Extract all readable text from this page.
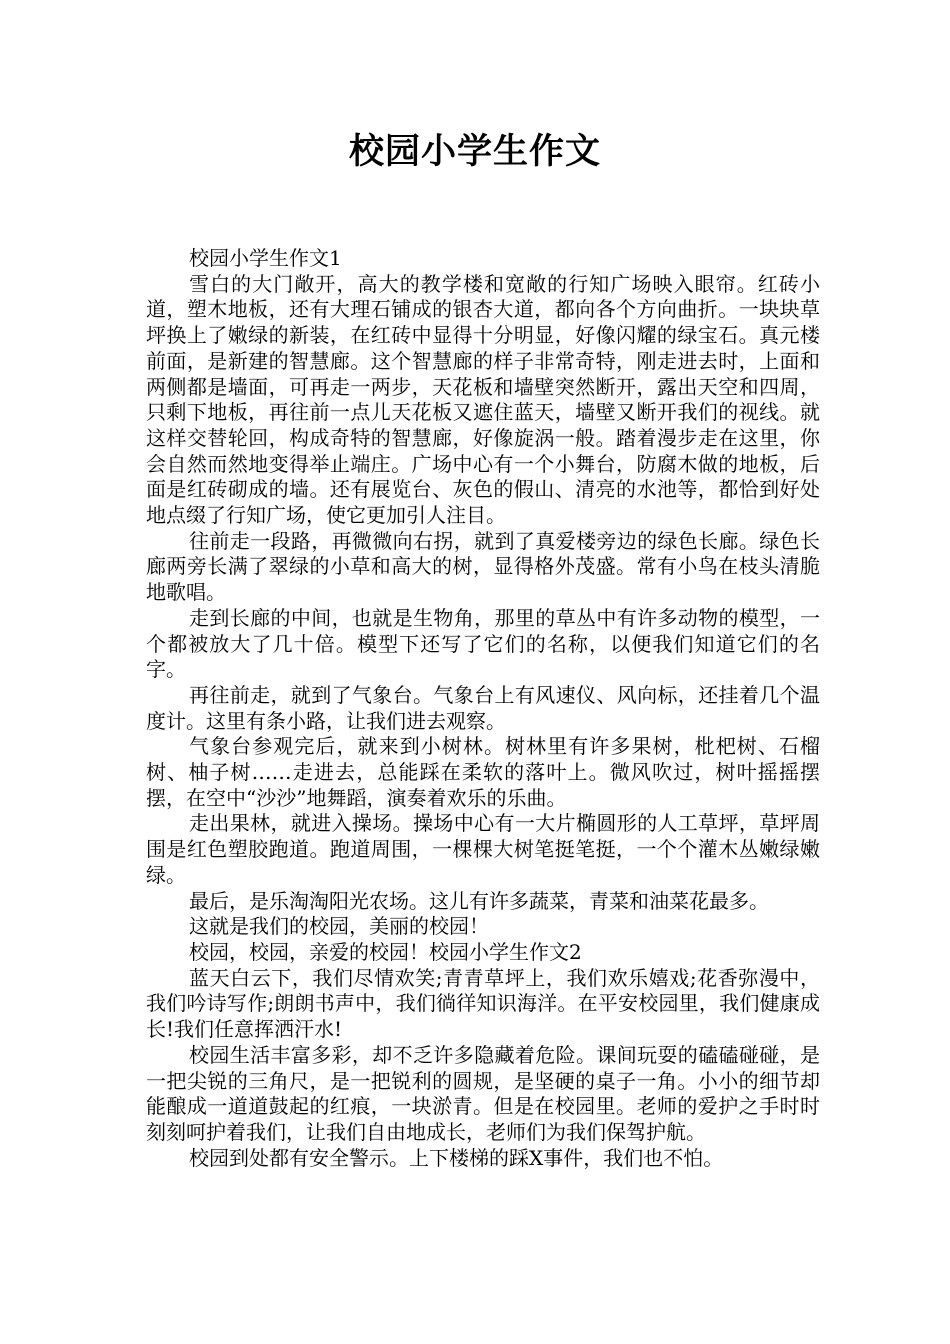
校园小学生作文

校园小学生作文1

雪白的大门敞开，高大的教学楼和宽敞的行知广场映入眼帘。红砖小道，塑木地板，还有大理石铺成的银杏大道，都向各个方向曲折。一块块草坪换上了嫩绿的新装，在红砖中显得十分明显，好像闪耀的绿宝石。真元楼前面，是新建的智慧廊。这个智慧廊的样子非常奇特，刚走进去时，上面和两侧都是墙面，可再走一两步，天花板和墙壁突然断开，露出天空和四周，只剩下地板，再往前一点儿天花板又遮住蓝天，墙壁又断开我们的视线。就这样交替轮回，构成奇特的智慧廊，好像旋涡一般。踏着漫步走在这里，你会自然而然地变得举止端庄。广场中心有一个小舞台，防腐木做的地板，后面是红砖砌成的墙。还有展览台、灰色的假山、清亮的水池等，都恰到好处地点缀了行知广场，使它更加引人注目。

往前走一段路，再微微向右拐，就到了真爱楼旁边的绿色长廊。绿色长廊两旁长满了翠绿的小草和高大的树，显得格外茂盛。常有小鸟在枝头清脆地歌唱。

走到长廊的中间，也就是生物角，那里的草丛中有许多动物的模型，一个都被放大了几十倍。模型下还写了它们的名称，以便我们知道它们的名字。

再往前走，就到了气象台。气象台上有风速仪、风向标，还挂着几个温度计。这里有条小路，让我们进去观察。

气象台参观完后，就来到小树林。树林里有许多果树，枇杷树、石榴树、柚子树……走进去，总能踩在柔软的落叶上。微风吹过，树叶摇摇摆摆，在空中“沙沙”地舞蹈，演奏着欢乐的乐曲。

走出果林，就进入操场。操场中心有一大片椭圆形的人工草坪，草坪周围是红色塑胶跑道。跑道周围，一棵棵大树笔挺笔挺，一个个灌木丛嫩绿嫩绿。

最后，是乐淘淘阳光农场。这儿有许多蔬菜，青菜和油菜花最多。

这就是我们的校园，美丽的校园！

校园，校园，亲爱的校园！校园小学生作文2

蓝天白云下，我们尽情欢笑;青青草坪上，我们欢乐嬉戏;花香弥漫中，我们吟诗写作;朗朗书声中，我们徜徉知识海洋。在平安校园里，我们健康成长!我们任意挥洒汗水!

校园生活丰富多彩，却不乏许多隐藏着危险。课间玩耍的磕磕碰碰，是一把尖锐的三角尺，是一把锐利的圆规，是坚硬的桌子一角。小小的细节却能酿成一道道鼓起的红痕，一块淤青。但是在校园里。老师的爱护之手时时刻刻呵护着我们，让我们自由地成长，老师们为我们保驾护航。

校园到处都有安全警示。上下楼梯的踩X事件，我们也不怕。
